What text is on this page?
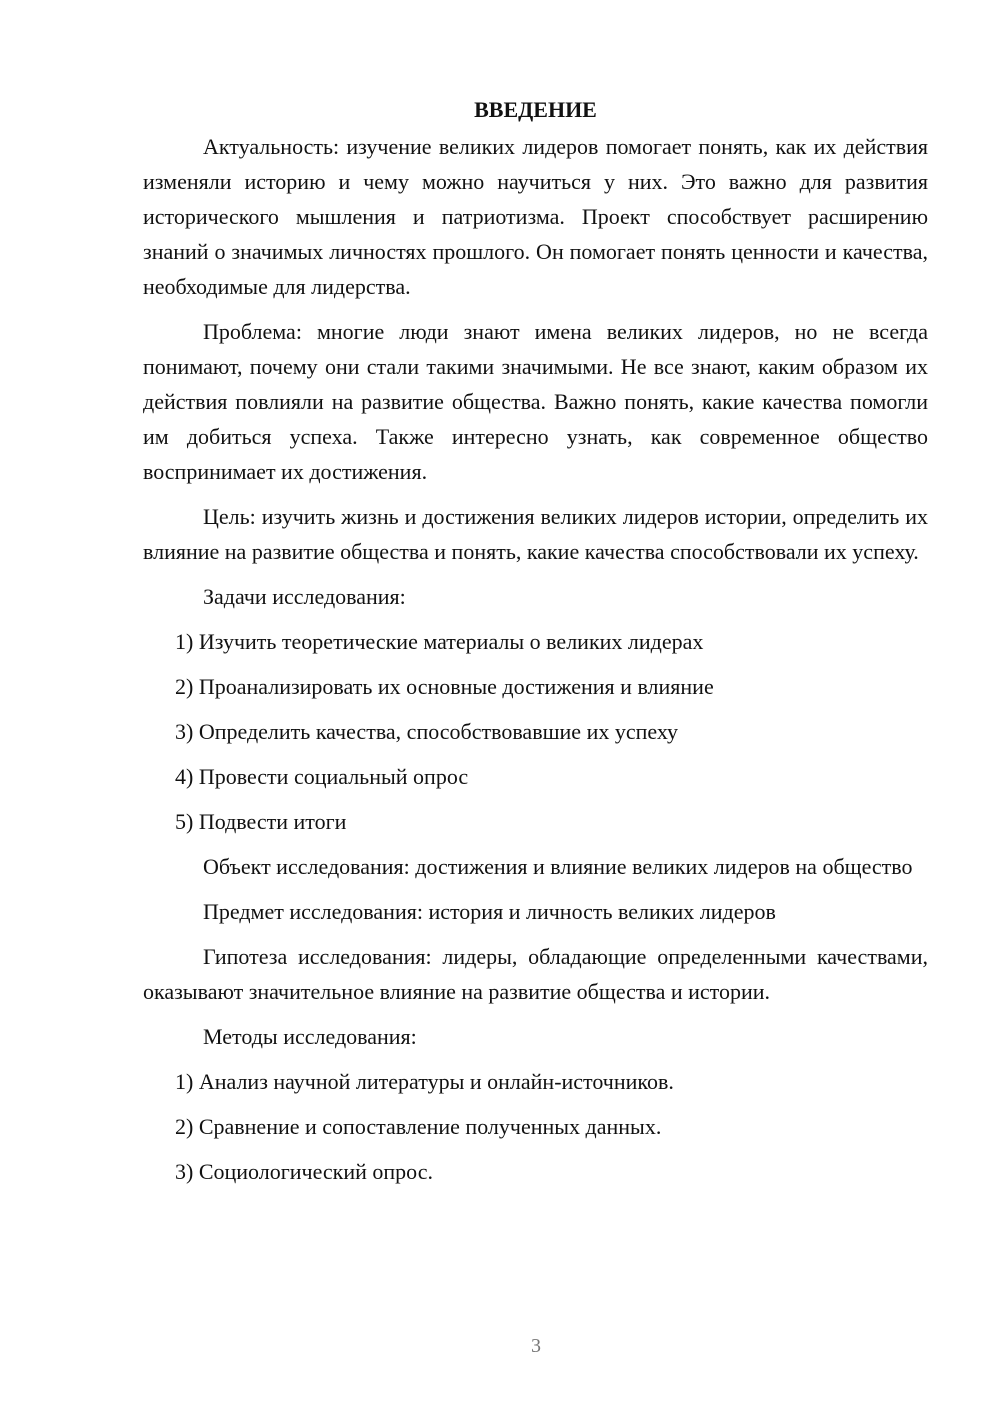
ВВЕДЕНИЕ

Актуальность: изучение великих лидеров помогает понять, как их действия изменяли историю и чему можно научиться у них. Это важно для развития исторического мышления и патриотизма. Проект способствует расширению знаний о значимых личностях прошлого. Он помогает понять ценности и качества, необходимые для лидерства.

Проблема: многие люди знают имена великих лидеров, но не всегда понимают, почему они стали такими значимыми. Не все знают, каким образом их действия повлияли на развитие общества. Важно понять, какие качества помогли им добиться успеха. Также интересно узнать, как современное общество воспринимает их достижения.

Цель: изучить жизнь и достижения великих лидеров истории, определить их влияние на развитие общества и понять, какие качества способствовали их успеху.

Задачи исследования:

1) Изучить теоретические материалы о великих лидерах
2) Проанализировать их основные достижения и влияние
3) Определить качества, способствовавшие их успеху
4) Провести социальный опрос
5) Подвести итоги

Объект исследования: достижения и влияние великих лидеров на общество

Предмет исследования: история и личность великих лидеров

Гипотеза исследования: лидеры, обладающие определенными качествами, оказывают значительное влияние на развитие общества и истории.

Методы исследования:

1) Анализ научной литературы и онлайн-источников.
2) Сравнение и сопоставление полученных данных.
3) Социологический опрос.
3
